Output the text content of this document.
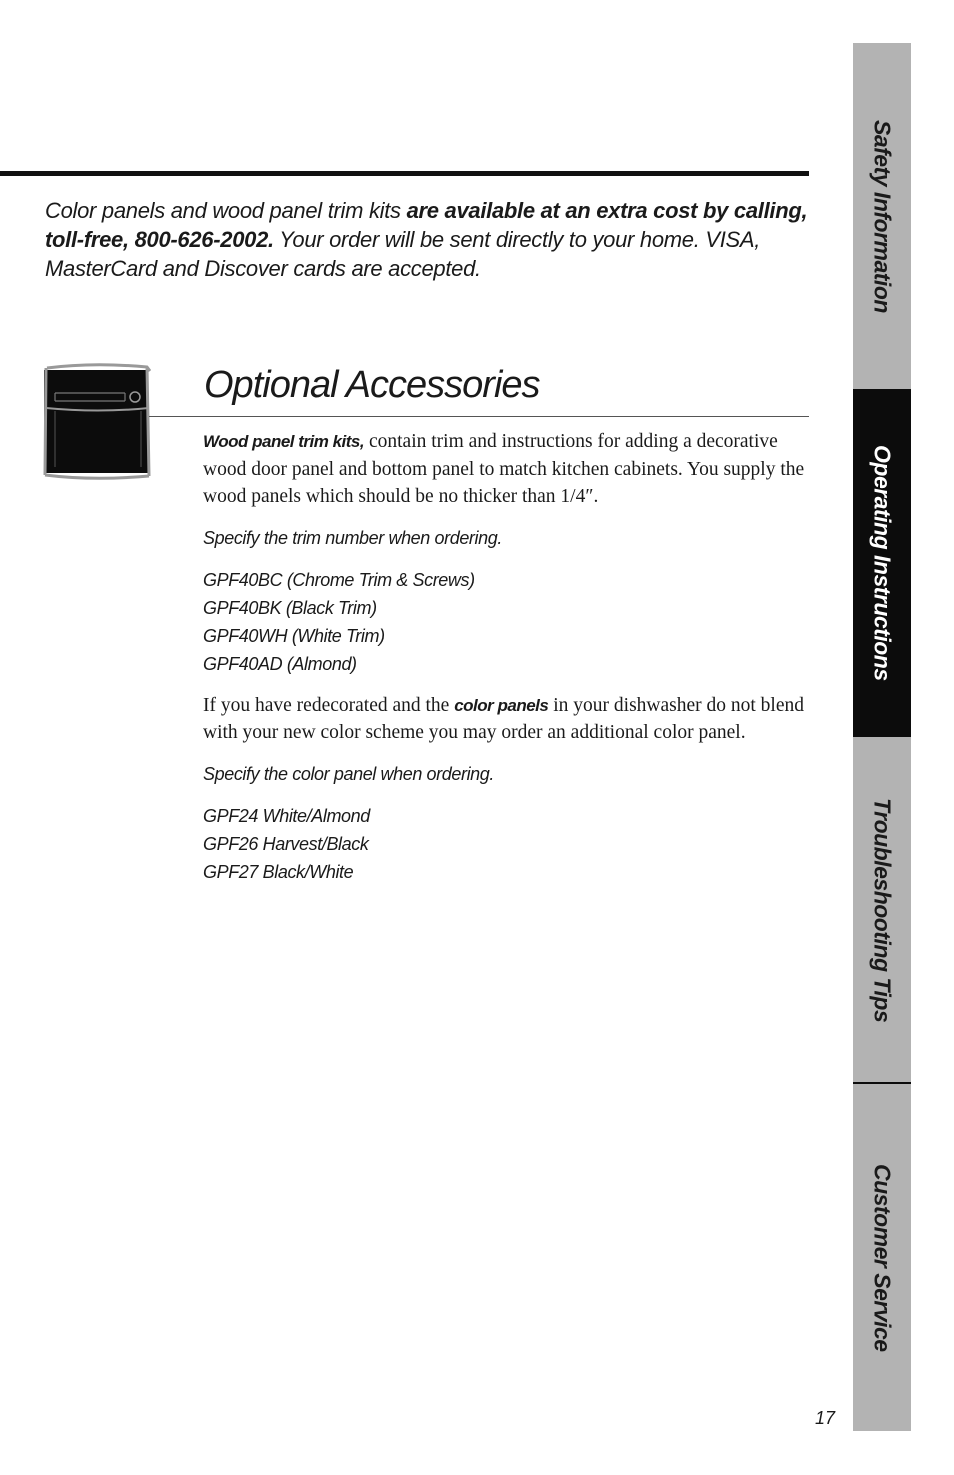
Color panels and wood panel trim kits are available at an extra cost by calling, toll-free, 800-626-2002. Your order will be sent directly to your home. VISA, MasterCard and Discover cards are accepted.

Optional Accessories

Wood panel trim kits, contain trim and instructions for adding a decorative wood door panel and bottom panel to match kitchen cabinets. You supply the wood panels which should be no thicker than 1/4″.

Specify the trim number when ordering.

GPF40BC (Chrome Trim & Screws)
GPF40BK (Black Trim)
GPF40WH (White Trim)
GPF40AD (Almond)

If you have redecorated and the color panels in your dishwasher do not blend with your new color scheme you may order an additional color panel.

Specify the color panel when ordering.

GPF24 White/Almond
GPF26 Harvest/Black
GPF27 Black/White
Safety Information
Operating Instructions
Troubleshooting Tips
Customer Service
17
